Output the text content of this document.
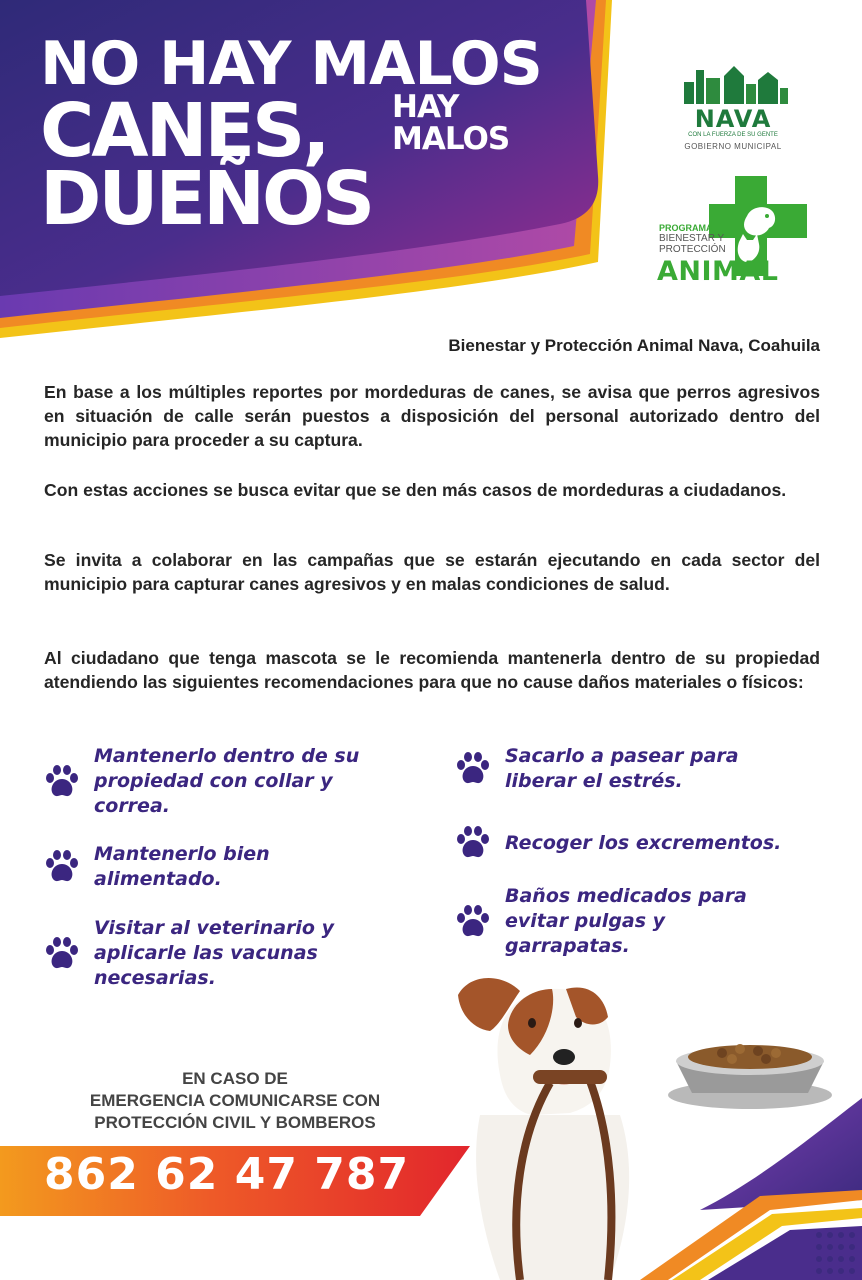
NO HAY MALOS
CANES,
DUEÑOS
HAY
MALOS
NAVA
CON LA FUERZA DE SU GENTE
GOBIERNO MUNICIPAL
PROGRAMA
BIENESTAR Y
PROTECCIÓN
ANIMAL
Bienestar y Protección Animal Nava, Coahuila

En base a los múltiples reportes por mordeduras de canes, se avisa que perros agresivos en situación de calle serán puestos a disposición del personal autorizado dentro del municipio para proceder a su captura.

Con estas acciones se busca evitar que se den más casos de mordeduras a ciudadanos.

Se invita a colaborar en las campañas que se estarán ejecutando en cada sector del municipio para capturar canes agresivos y en malas condiciones de salud.

Al ciudadano que tenga mascota se le recomienda mantenerla dentro de su propiedad atendiendo las siguientes recomendaciones para que no cause daños materiales o físicos:

Mantenerlo dentro de su propiedad con collar y correa.
Mantenerlo bien alimentado.
Visitar al veterinario y aplicarle las vacunas necesarias.
Sacarlo a pasear para liberar el estrés.
Recoger los excrementos.
Baños medicados para evitar pulgas y garrapatas.
EN CASO DE
EMERGENCIA COMUNICARSE CON
PROTECCIÓN CIVIL Y BOMBEROS
862 62 47 787
